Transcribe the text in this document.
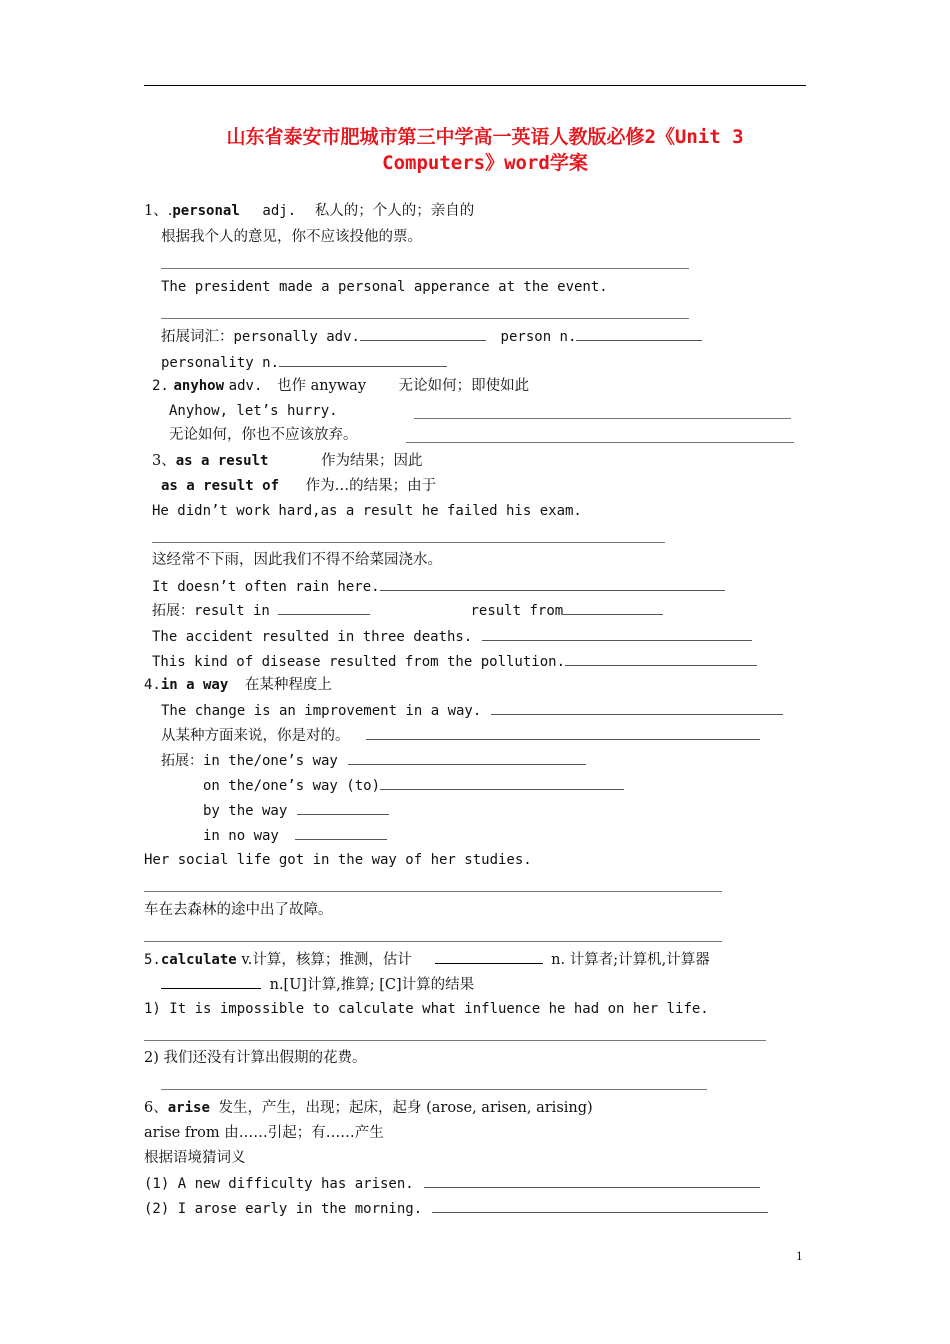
山东省泰安市肥城市第三中学高一英语人教版必修2《Unit 3
Computers》word学案
1、.personal adj. 私人的；个人的；亲自的
根据我个人的意见，你不应该投他的票。
The president made a personal apperance at the event.
拓展词汇：personally adv.	person n.
personality n.
2. anyhow adv. 也作 anyway 无论如何；即使如此
Anyhow, let’s hurry.
无论如何，你也不应该放弃。
3、as a result	作为结果；因此
as a result of 作为…的结果；由于
He didn’t work hard,as a result he failed his exam.
这经常不下雨，因此我们不得不给菜园浇水。
It doesn’t often rain here.
拓展：result in	result from
The accident resulted in three deaths.
This kind of disease resulted from the pollution.
4.in a way 在某种程度上
The change is an improvement in a way.
从某种方面来说，你是对的。
拓展：in the/one’s way
on the/one’s way (to)
by the way
in no way
Her social life got in the way of her studies.
车在去森林的途中出了故障。
5.calculate v.计算，核算；推测，估计	n. 计算者;计算机,计算器
n.[U]计算,推算; [C]计算的结果
1) It is impossible to calculate what influence he had on her life.
2) 我们还没有计算出假期的花费。
6、arise 发生，产生，出现；起床，起身 (arose, arisen, arising)
arise from 由……引起；有……产生
根据语境猜词义
(1) A new difficulty has arisen.
(2) I arose early in the morning.
1
